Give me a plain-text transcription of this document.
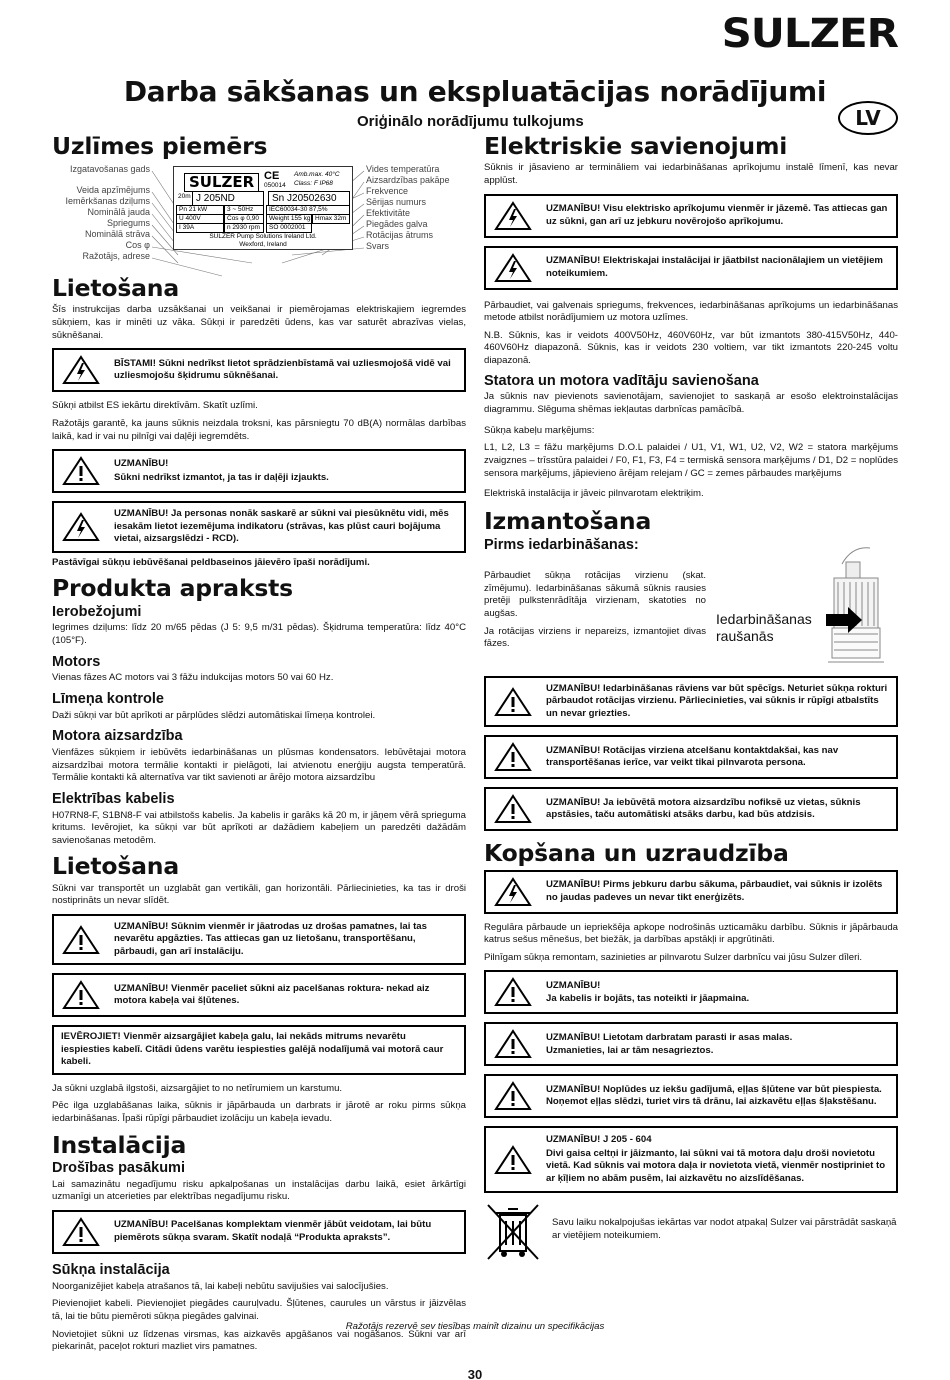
SULZER
Darba sākšanas un ekspluatācijas norādījumi
Oriģinālo norādījumu tulkojums	LV
Uzlīmes piemērs
Izgatavošanas gads
Veida apzīmējums
Iemērkšanas dziļums
Nominālā jauda
Spriegums
Nominālā strāva
Cos φ
Ražotājs, adrese
Vides temperatūra
Aizsardzības pakāpe
Frekvence
Sērijas numurs
Efektivitāte
Piegādes galva
Rotācijas ātrums
Svars
SULZER CE
050014
Amb.max. 40°C
Class: F IP68
20m J 205ND	Sn J20502630
Pn 21 kW	3 ~ 50Hz	IEC60034-30 87,5%
U 400V	Cos φ 0,90	Weight 155 kg Hmax 32m
I 39A	n 2930 rpm	SO 0002001
SULZER Pump Solutions Ireland Ltd.
Wexford, Ireland
Lietošana

Šīs instrukcijas darba uzsākšanai un veikšanai ir piemērojamas elektriskajiem iegremdes sūkņiem, kas ir minēti uz vāka. Sūkņi ir paredzēti ūdens, kas var saturēt abrazīvas vielas, sūknēšanai.

BĪSTAMI! Sūkni nedrīkst lietot sprādzienbīstamā vai uzliesmojošā vidē vai uzliesmojošu šķidrumu sūknēšanai.

Sūkņi atbilst ES iekārtu direktīvām. Skatīt uzlīmi.

Ražotājs garantē, ka jauns sūknis neizdala troksni, kas pārsniegtu 70 dB(A) normālas darbības laikā, kad ir vai nu pilnīgi vai daļēji iegremdēts.

UZMANĪBU!
Sūkni nedrīkst izmantot, ja tas ir daļēji izjaukts.
UZMANĪBU! Ja personas nonāk saskarē ar sūkni vai piesūknētu vidi, mēs iesakām lietot iezemējuma indikatoru (strāvas, kas plūst cauri bojājuma vietai, aizsargslēdzi - RCD).

Pastāvīgai sūkņu iebūvēšanai peldbaseinos jāievēro īpaši norādījumi.

Produkta apraksts
Ierobežojumi

Iegrimes dziļums: līdz 20 m/65 pēdas (J 5: 9,5 m/31 pēdas). Šķidruma temperatūra: līdz 40°C (105°F).

Motors

Vienas fāzes AC motors vai 3 fāžu indukcijas motors 50 vai 60 Hz.

Līmeņa kontrole

Daži sūkņi var būt aprīkoti ar pārplūdes slēdzi automātiskai līmeņa kontrolei.

Motora aizsardzība

Vienfāzes sūkņiem ir iebūvēts iedarbināšanas un plūsmas kondensators. Iebūvētajai motora aizsardzībai motora termālie kontakti ir pielāgoti, lai atvienotu enerģiju augsta temperatūrā. Termālie kontakti kā alternatīva var tikt savienoti ar ārējo motora aizsardzību

Elektrības kabelis

H07RN8-F, S1BN8-F vai atbilstošs kabelis. Ja kabelis ir garāks kā 20 m, ir jāņem vērā sprieguma kritums. Ievērojiet, ka sūkņi var būt aprīkoti ar dažādiem kabeļiem un paredzēti dažādām savienošanas metodēm.

Lietošana

Sūkni var transportēt un uzglabāt gan vertikāli, gan horizontāli. Pārliecinieties, ka tas ir droši nostiprināts un nevar slīdēt.

UZMANĪBU! Sūknim vienmēr ir jāatrodas uz drošas pamatnes, lai tas nevarētu apgāzties. Tas attiecas gan uz lietošanu, transportēšanu, pārbaudi, gan arī instalāciju.
UZMANĪBU! Vienmēr paceliet sūkni aiz pacelšanas roktura- nekad aiz motora kabeļa vai šļūtenes.
IEVĒROJIET! Vienmēr aizsargājiet kabeļa galu, lai nekāds mitrums nevarētu iespiesties kabelī. Citādi ūdens varētu iespiesties galējā nodalījumā vai motorā caur kabeli.

Ja sūkni uzglabā ilgstoši, aizsargājiet to no netīrumiem un karstumu.

Pēc ilga uzglabāšanas laika, sūknis ir jāpārbauda un darbrats ir jārotē ar roku pirms sūkņa iedarbināšanas. Īpaši rūpīgi pārbaudiet izolāciju un kabeļa ievadu.

Instalācija
Drošības pasākumi

Lai samazinātu negadījumu risku apkalpošanas un instalācijas darbu laikā, esiet ārkārtīgi uzmanīgi un atcerieties par elektrības negadījumu risku.

UZMANĪBU! Pacelšanas komplektam vienmēr jābūt veidotam, lai būtu piemērots sūkņa svaram. Skatīt nodaļā “Produkta apraksts”.
Sūkņa instalācija

Noorganizējiet kabeļa atrašanos tā, lai kabeļi nebūtu savijušies vai salocījušies.

Pievienojiet kabeli. Pievienojiet piegādes cauruļvadu. Šļūtenes, caurules un vārstus ir jāizvēlas tā, lai tie būtu piemēroti sūkņa piegādes galvinai.

Novietojiet sūkni uz līdzenas virsmas, kas aizkavēs apgāšanos vai nogāšanos. Sūkni var arī piekarināt, paceļot rokturi mazliet virs pamatnes.

Elektriskie savienojumi

Sūknis ir jāsavieno ar termināliem vai iedarbināšanas aprīkojumu instalē līmenī, kas nevar applūst.

UZMANĪBU! Visu elektrisko aprīkojumu vienmēr ir jāzemē. Tas attiecas gan uz sūkni, gan arī uz jebkuru novērojošo aprīkojumu.
UZMANĪBU! Elektriskajai instalācijai ir jāatbilst nacionālajiem un vietējiem noteikumiem.

Pārbaudiet, vai galvenais spriegums, frekvences, iedarbināšanas aprīkojums un iedarbināšanas metode atbilst norādījumiem uz motora uzlīmes.

N.B. Sūknis, kas ir veidots 400V50Hz, 460V60Hz, var būt izmantots 380-415V50Hz, 440-460V60Hz diapazonā. Sūknis, kas ir veidots 230 voltiem, var tikt izmantots 220-245 voltu diapazonā.

Statora un motora vadītāju savienošana

Ja sūknis nav pievienots savienotājam, savienojiet to saskaņā ar esošo elektroinstalācijas diagrammu. Slēguma shēmas iekļautas darbnīcas pamācībā.

Sūkņa kabeļu marķējums:

L1, L2, L3 = fāžu marķējums D.O.L palaidei / U1, V1, W1, U2, V2, W2 = statora marķējums zvaigznes – trīsstūra palaidei / F0, F1, F3, F4 = termiskā sensora marķējums / D1, D2 = noplūdes sensora marķējums, jāpievieno ārējam relejam / GC = zemes pārbaudes marķējums

Elektriskā instalācija ir jāveic pilnvarotam elektriķim.

Izmantošana
Pirms iedarbināšanas:

Pārbaudiet sūkņa rotācijas virzienu (skat. zīmējumu). Iedarbināšanas sākumā sūknis rausies pretēji pulkstenrādītāja virzienam, skatoties no augšas.

Ja rotācijas virziens ir nepareizs, izmantojiet divas fāzes.

Iedarbināšanas
raušanās
UZMANĪBU! Iedarbināšanas rāviens var būt spēcīgs. Neturiet sūkņa rokturi pārbaudot rotācijas virzienu. Pārliecinieties, vai sūknis ir rūpīgi atbalstīts un nevar griezties.
UZMANĪBU! Rotācijas virziena atcelšanu kontaktdakšai, kas nav transportēšanas ierīce, var veikt tikai pilnvarota persona.
UZMANĪBU! Ja iebūvētā motora aizsardzību nofiksē uz vietas, sūknis apstāsies, taču automātiski atsāks darbu, kad būs atdzisis.
Kopšana un uzraudzība
UZMANĪBU! Pirms jebkuru darbu sākuma, pārbaudiet, vai sūknis ir izolēts no jaudas padeves un nevar tikt enerģizēts.

Regulāra pārbaude un iepriekšēja apkope nodrošinās uzticamāku darbību. Sūknis ir jāpārbauda katrus sešus mēnešus, bet biežāk, ja darbības apstākļi ir apgrūtināti.

Pilnīgam sūkņa remontam, sazinieties ar pilnvarotu Sulzer darbnīcu vai jūsu Sulzer dīleri.

UZMANĪBU!
Ja kabelis ir bojāts, tas noteikti ir jāapmaina.
UZMANĪBU! Lietotam darbratam parasti ir asas malas.
Uzmanieties, lai ar tām nesagrieztos.
UZMANĪBU! Noplūdes uz iekšu gadījumā, eļļas šļūtene var būt piespiesta. Noņemot eļļas slēdzi, turiet virs tā drānu, lai aizkavētu eļļas šļakstēšanu.
UZMANĪBU! J 205 - 604
Divi gaisa celtņi ir jāizmanto, lai sūkni vai tā motora daļu droši novietotu vietā. Kad sūknis vai motora daļa ir novietota vietā, vienmēr nostipriniet to ar ķīļiem no abām pusēm, lai aizkavētu no aizslīdēšanas.
Savu laiku nokalpojušas iekārtas var nodot atpakaļ Sulzer vai pārstrādāt saskaņā ar vietējiem noteikumiem.
Ražotājs rezervē sev tiesības mainīt dizainu un specifikācijas
30
